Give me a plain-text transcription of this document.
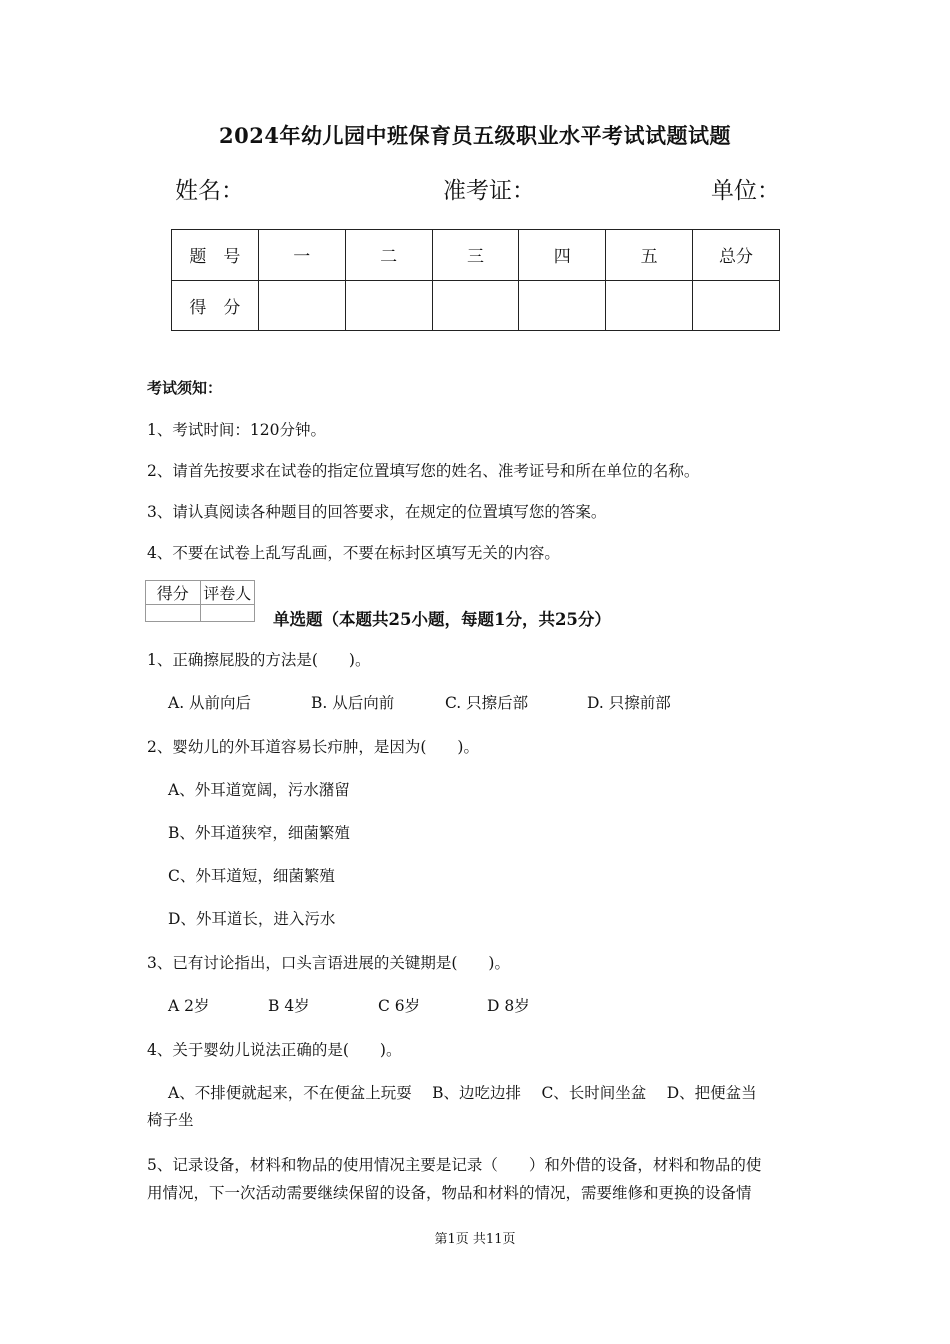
2024年幼儿园中班保育员五级职业水平考试试题试题
姓名：	准考证：	单位：
题　号	一	二	三	四	五	总分
得　分						
考试须知：
1、考试时间：120分钟。
2、请首先按要求在试卷的指定位置填写您的姓名、准考证号和所在单位的名称。
3、请认真阅读各种题目的回答要求，在规定的位置填写您的答案。
4、不要在试卷上乱写乱画，不要在标封区填写无关的内容。
得分	评卷人

单选题（本题共25小题，每题1分，共25分）
1、正确擦屁股的方法是(　　)。
A. 从前向后	B. 从后向前	C. 只擦后部	D. 只擦前部
2、婴幼儿的外耳道容易长疖肿，是因为(　　)。
A、外耳道宽阔，污水潴留
B、外耳道狭窄，细菌繁殖
C、外耳道短，细菌繁殖
D、外耳道长，进入污水
3、已有讨论指出，口头言语进展的关键期是(　　)。
A 2岁	B 4岁	C 6岁	D 8岁
4、关于婴幼儿说法正确的是(　　)。
A、不排便就起来，不在便盆上玩耍　 B、边吃边排　 C、长时间坐盆　 D、把便盆当
椅子坐
5、记录设备，材料和物品的使用情况主要是记录（　　）和外借的设备，材料和物品的使
用情况，下一次活动需要继续保留的设备，物品和材料的情况，需要维修和更换的设备情
第1页 共11页
